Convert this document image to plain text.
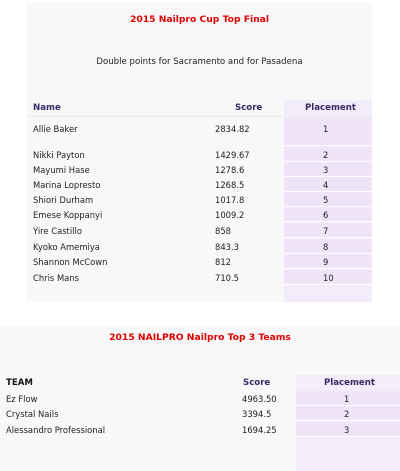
2015 Nailpro Cup Top Final
Double points for Sacramento and for Pasadena
Name	Score	Placement
Allie Baker	2834.82	1
Nikki Payton	1429.67	2
Mayumi Hase	1278.6	3
Marina Lopresto	1268.5	4
Shiori Durham	1017.8	5
Emese Koppanyi	1009.2	6
Yire Castillo	858	7
Kyoko Amemiya	843.3	8
Shannon McCown	812	9
Chris Mans	710.5	10
2015 NAILPRO Nailpro Top 3 Teams
TEAM	Score	Placement
Ez Flow	4963.50	1
Crystal Nails	3394.5	2
Alessandro Professional	1694.25	3
